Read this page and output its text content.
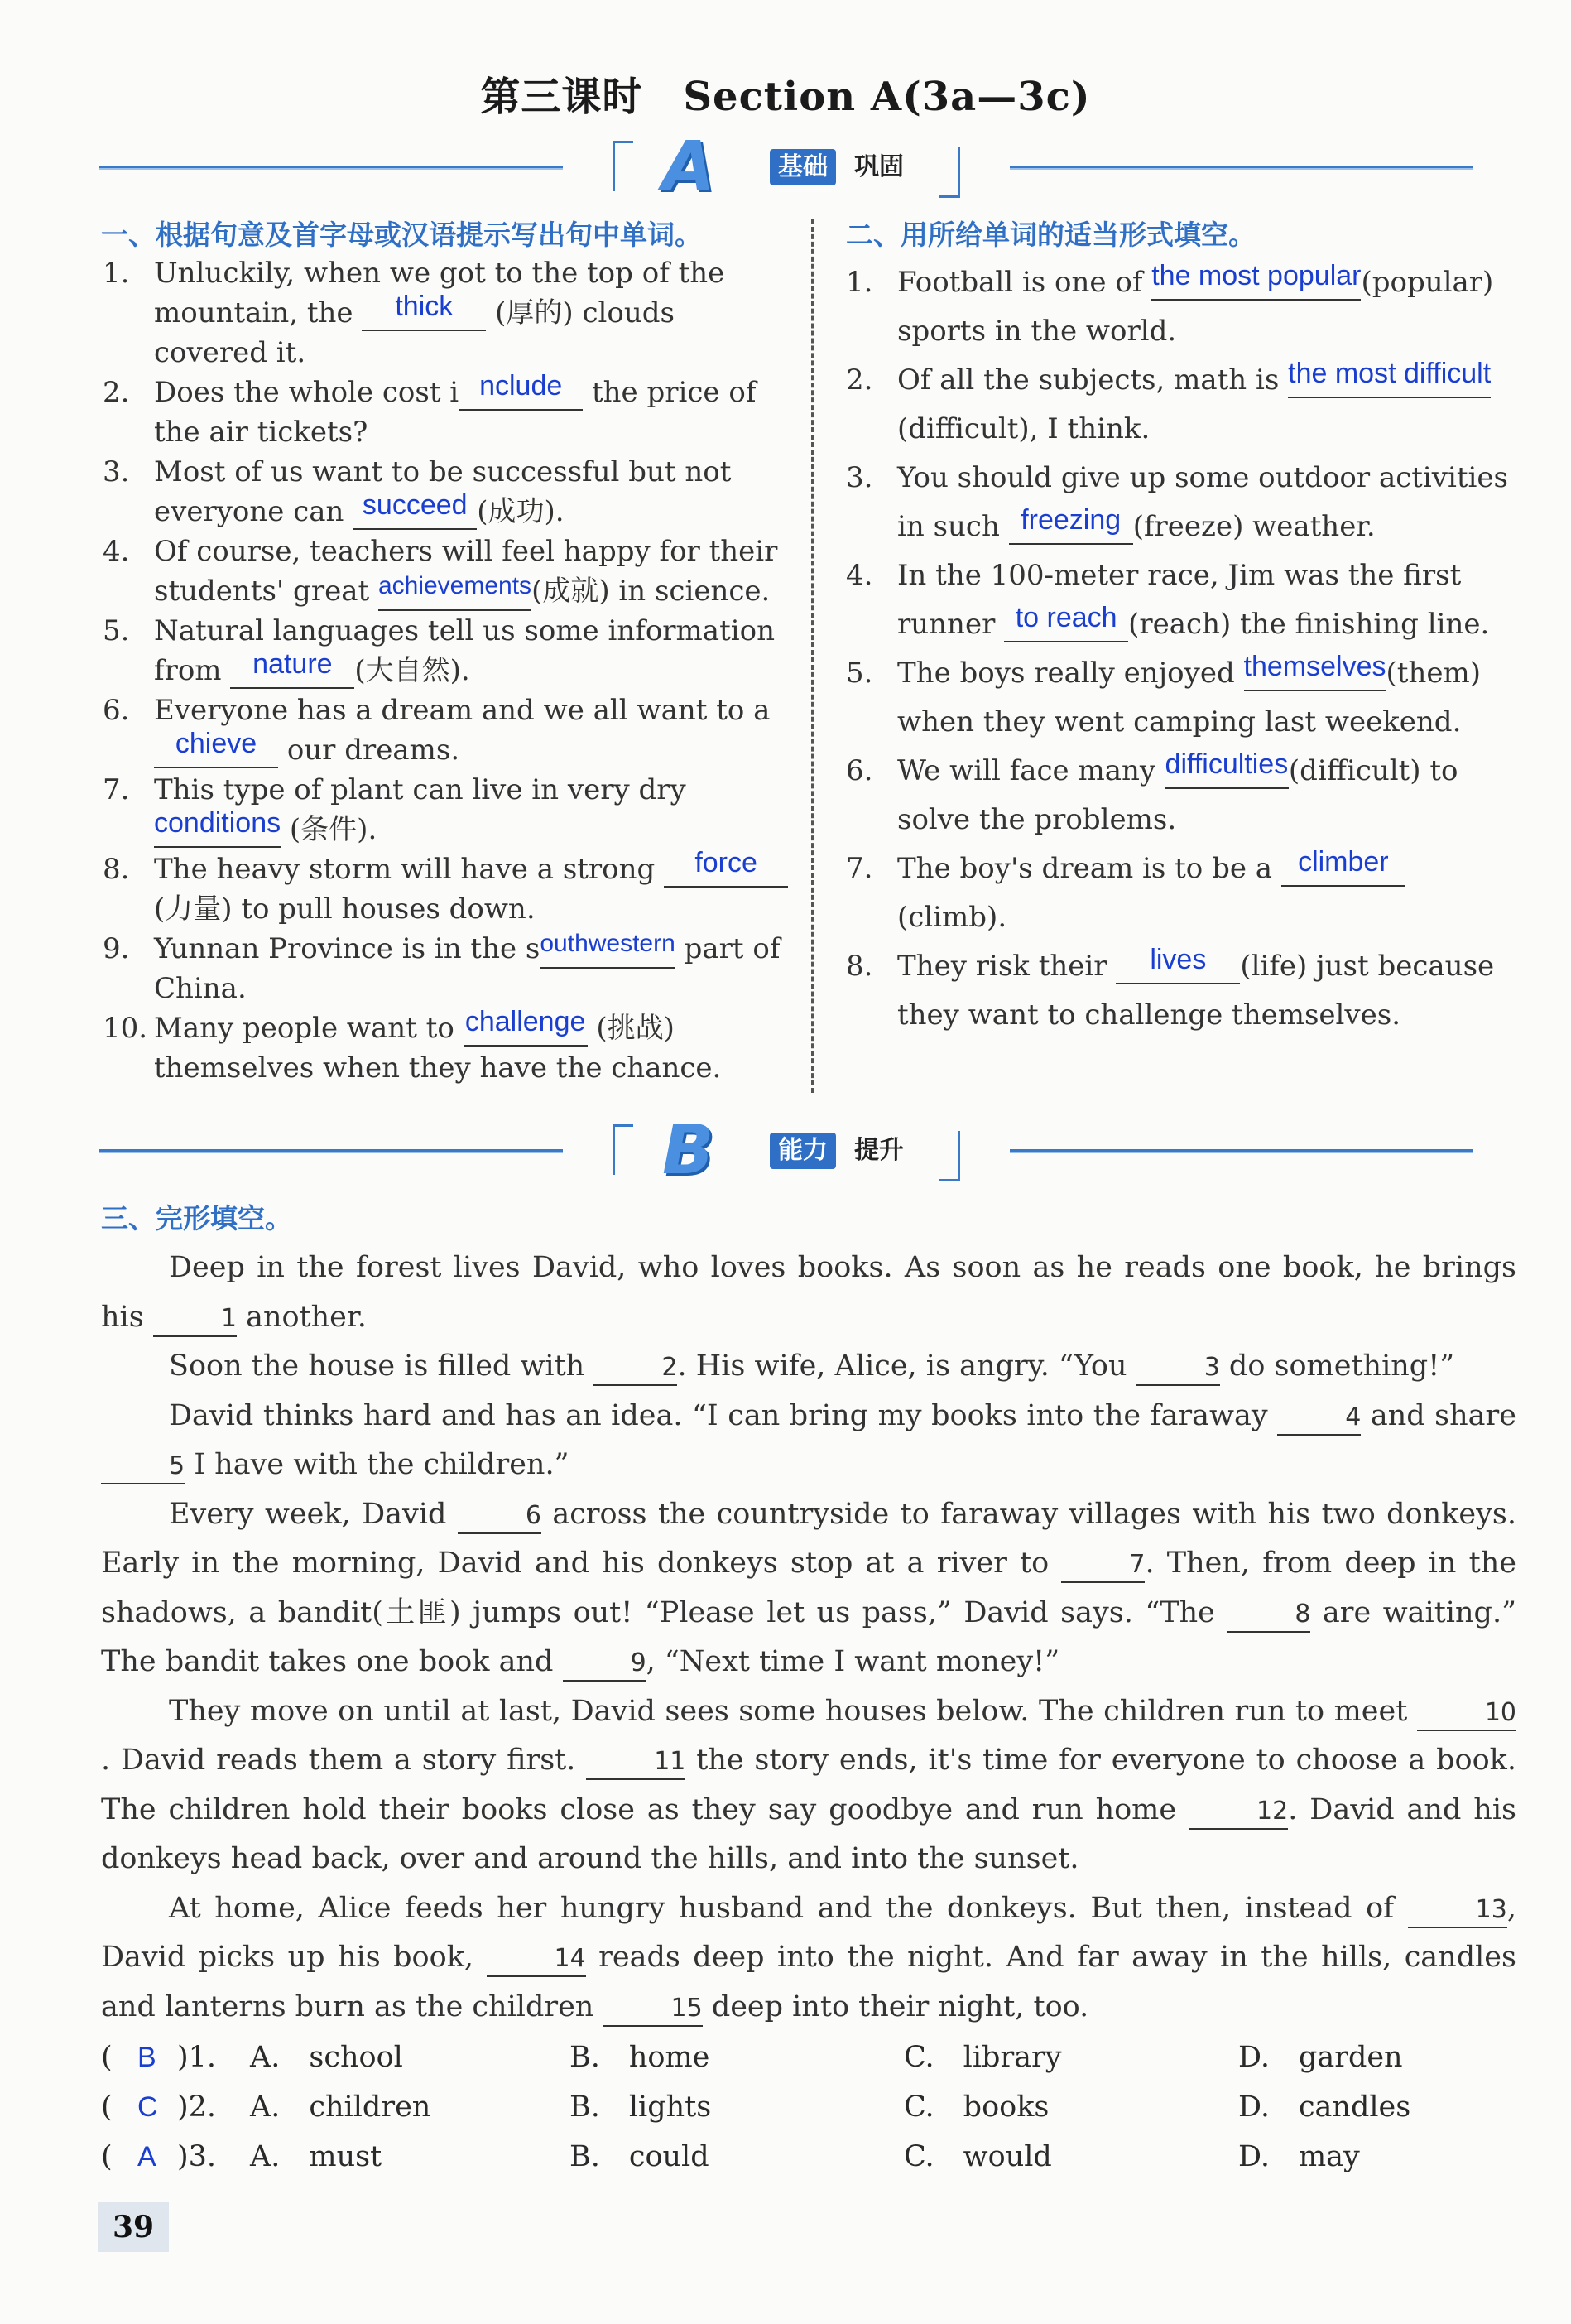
第三课时　Section A(3a—3c)
A	基础	巩固
一、根据句意及首字母或汉语提示写出句中单词。	二、用所给单词的适当形式填空。
1. Unluckily, when we got to the top of the mountain, the thick (厚的) clouds covered it.
2. Does the whole cost i nclude the price of the air tickets?
3. Most of us want to be successful but not everyone can succeed (成功).
4. Of course, teachers will feel happy for their students' great achievements(成就) in science.
5. Natural languages tell us some information from nature (大自然).
6. Everyone has a dream and we all want to achieve our dreams.
7. This type of plant can live in very dry conditions (条件).
8. The heavy storm will have a strong force (力量) to pull houses down.
9. Yunnan Province is in the southwestern part of China.
10. Many people want to challenge (挑战) themselves when they have the chance.
1. Football is one of the most popular(popular) sports in the world.
2. Of all the subjects, math is the most difficult (difficult), I think.
3. You should give up some outdoor activities in such freezing (freeze) weather.
4. In the 100-meter race, Jim was the first runner to reach (reach) the finishing line.
5. The boys really enjoyed themselves(them) when they went camping last weekend.
6. We will face many difficulties(difficult) to solve the problems.
7. The boy's dream is to be a climber (climb).
8. They risk their lives (life) just because they want to challenge themselves.
B	能力	提升
三、完形填空。

Deep in the forest lives David, who loves books. As soon as he reads one book, he brings his	1 another.

Soon the house is filled with	2. His wife, Alice, is angry. “You	3 do something!”

David thinks hard and has an idea. “I can bring my books into the faraway	4 and share 5 I have with the children.”

Every week, David	6 across the countryside to faraway villages with his two donkeys. Early in the morning, David and his donkeys stop at a river to	7. Then, from deep in the shadows, a bandit(土匪) jumps out! “Please let us pass,” David says. “The	8 are waiting.” The bandit takes one book and	9, “Next time I want money!”

They move on until at last, David sees some houses below. The children run to meet	10. David reads them a story first.	11 the story ends, it's time for everyone to choose a book. The children hold their books close as they say goodbye and run home	12. David and his donkeys head back, over and around the hills, and into the sunset.

At home, Alice feeds her hungry husband and the donkeys. But then, instead of	13, David picks up his book,	14 reads deep into the night. And far away in the hills, candles and lanterns burn as the children	15 deep into their night, too.

( B )1. A.　school	B.　home	C.　library	D.　garden
( C )2. A.　children	B.　lights	C.　books	D.　candles
( A )3. A.　must	B.　could	C.　would	D.　may
39
